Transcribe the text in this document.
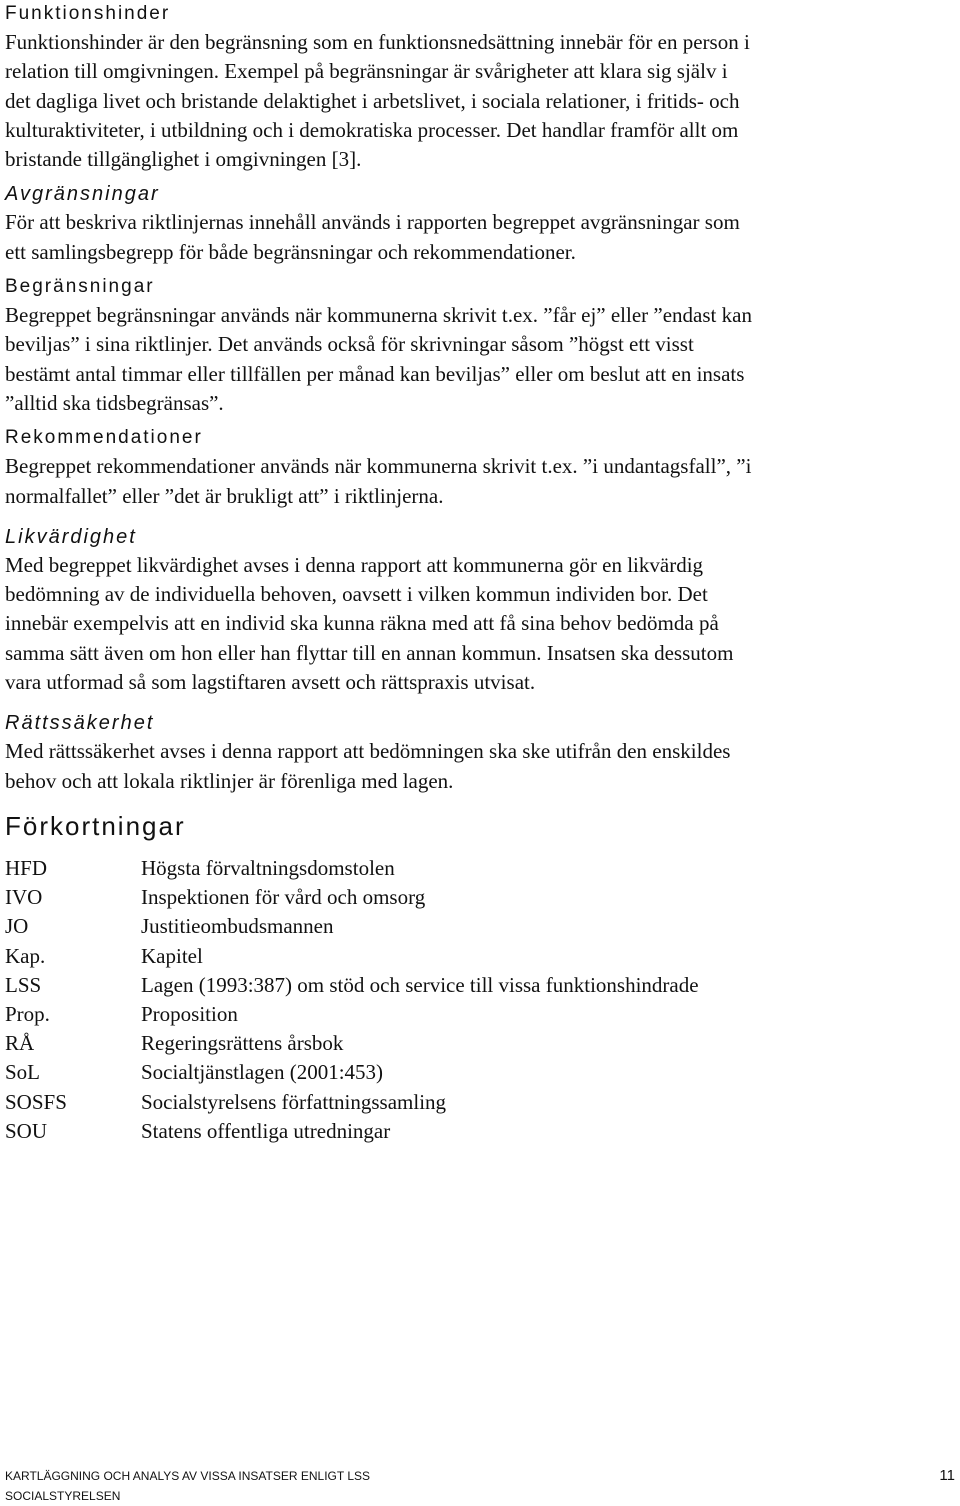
Funktionshinder

Funktionshinder är den begränsning som en funktionsnedsättning innebär för en person i relation till omgivningen. Exempel på begränsningar är svårigheter att klara sig själv i det dagliga livet och bristande delaktighet i arbetslivet, i sociala relationer, i fritids- och kulturaktiviteter, i utbildning och i demokratiska processer. Det handlar framför allt om bristande tillgänglighet i omgivningen [3].

Avgränsningar

För att beskriva riktlinjernas innehåll används i rapporten begreppet avgränsningar som ett samlingsbegrepp för både begränsningar och rekommendationer.

Begränsningar

Begreppet begränsningar används när kommunerna skrivit t.ex. ”får ej” eller ”endast kan beviljas” i sina riktlinjer. Det används också för skrivningar såsom ”högst ett visst bestämt antal timmar eller tillfällen per månad kan beviljas” eller om beslut att en insats ”alltid ska tidsbegränsas”.

Rekommendationer

Begreppet rekommendationer används när kommunerna skrivit t.ex. ”i undantagsfall”, ”i normalfallet” eller ”det är brukligt att” i riktlinjerna.

Likvärdighet

Med begreppet likvärdighet avses i denna rapport att kommunerna gör en likvärdig bedömning av de individuella behoven, oavsett i vilken kommun individen bor. Det innebär exempelvis att en individ ska kunna räkna med att få sina behov bedömda på samma sätt även om hon eller han flyttar till en annan kommun. Insatsen ska dessutom vara utformad så som lagstiftaren avsett och rättspraxis utvisat.

Rättssäkerhet

Med rättssäkerhet avses i denna rapport att bedömningen ska ske utifrån den enskildes behov och att lokala riktlinjer är förenliga med lagen.

Förkortningar
HFD	Högsta förvaltningsdomstolen
IVO	Inspektionen för vård och omsorg
JO	Justitieombudsmannen
Kap.	Kapitel
LSS	Lagen (1993:387) om stöd och service till vissa funktionshindrade
Prop.	Proposition
RÅ	Regeringsrättens årsbok
SoL	Socialtjänstlagen (2001:453)
SOSFS	Socialstyrelsens författningssamling
SOU	Statens offentliga utredningar
KARTLÄGGNING OCH ANALYS AV VISSA INSATSER ENLIGT LSS
SOCIALSTYRELSEN
11
